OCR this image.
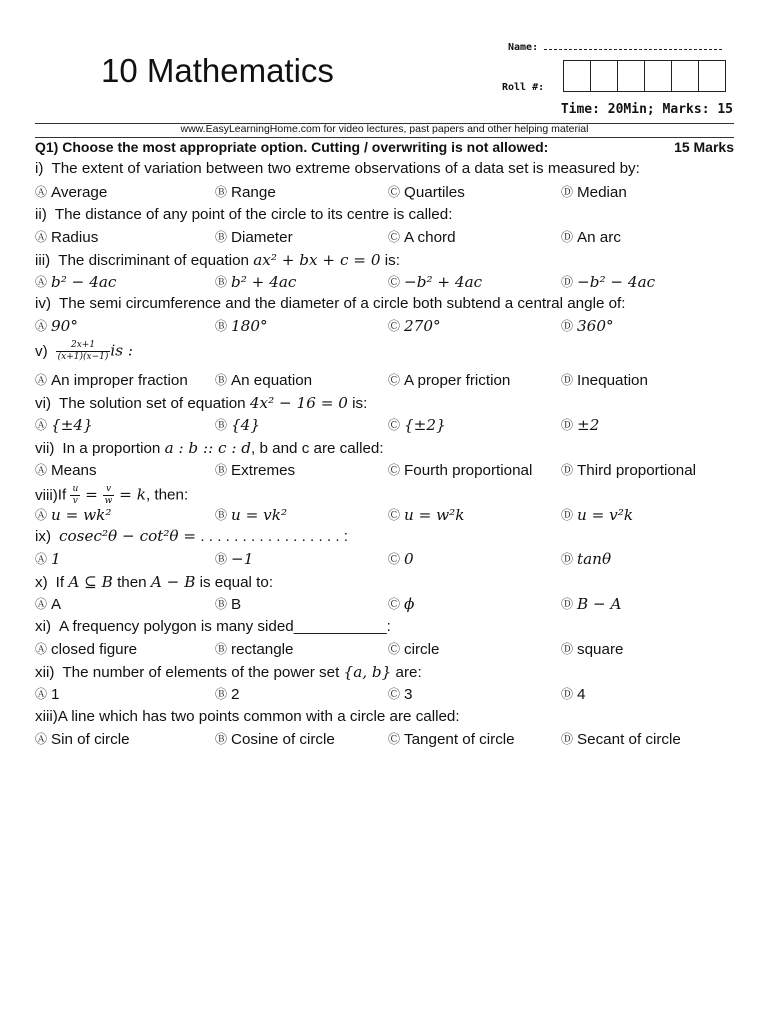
10 Mathematics
Name:
Roll #:
Time: 20Min; Marks: 15
www.EasyLearningHome.com for video lectures, past papers and other helping material
Q1) Choose the most appropriate option. Cutting / overwriting is not allowed:	15 Marks
i) The extent of variation between two extreme observations of a data set is measured by:
Ⓐ Average	Ⓑ Range	Ⓒ Quartiles	Ⓓ Median
ii) The distance of any point of the circle to its centre is called:
Ⓐ Radius	Ⓑ Diameter	Ⓒ A chord	Ⓓ An arc
iii) The discriminant of equation ax² + bx + c = 0 is:
Ⓐ b² − 4ac	Ⓑ b² + 4ac	Ⓒ −b² + 4ac	Ⓓ −b² − 4ac
iv) The semi circumference and the diameter of a circle both subtend a central angle of:
Ⓐ 90°	Ⓑ 180°	Ⓒ 270°	Ⓓ 360°
$v) \frac{2x+1}{(x+1)(x-1)}$ is :
Ⓐ An improper fraction Ⓑ An equation	Ⓒ A proper friction	Ⓓ Inequation
vi) The solution set of equation 4x² − 16 = 0 is:
Ⓐ {±4}	Ⓑ {4}	Ⓒ {±2}	Ⓓ ±2
vii) In a proportion a : b :: c : d, b and c are called:
Ⓐ Means	Ⓑ Extremes	Ⓒ Fourth proportional Ⓓ Third proportional
viii)If $\frac{u}{v} = \frac{v}{w} = k$, then:
Ⓐ u = wk²	Ⓑ u = vk²	Ⓒ u = w²k	Ⓓ u = v²k
ix) cosec²θ − cot²θ = . . . . . . . . . . . . . . . . . :
Ⓐ 1	Ⓑ −1	Ⓒ 0	Ⓓ tanθ
x) If A ⊆ B then A − B is equal to:
Ⓐ A	Ⓑ B	Ⓒ ϕ	Ⓓ B − A
xi) A frequency polygon is many sided___________:
Ⓐ closed figure	Ⓑ rectangle	Ⓒ circle	Ⓓ square
xii) The number of elements of the power set {a, b} are:
Ⓐ 1	Ⓑ 2	Ⓒ 3	Ⓓ 4
xiii)A line which has two points common with a circle are called:
Ⓐ Sin of circle	Ⓑ Cosine of circle	Ⓒ Tangent of circle	Ⓓ Secant of circle
